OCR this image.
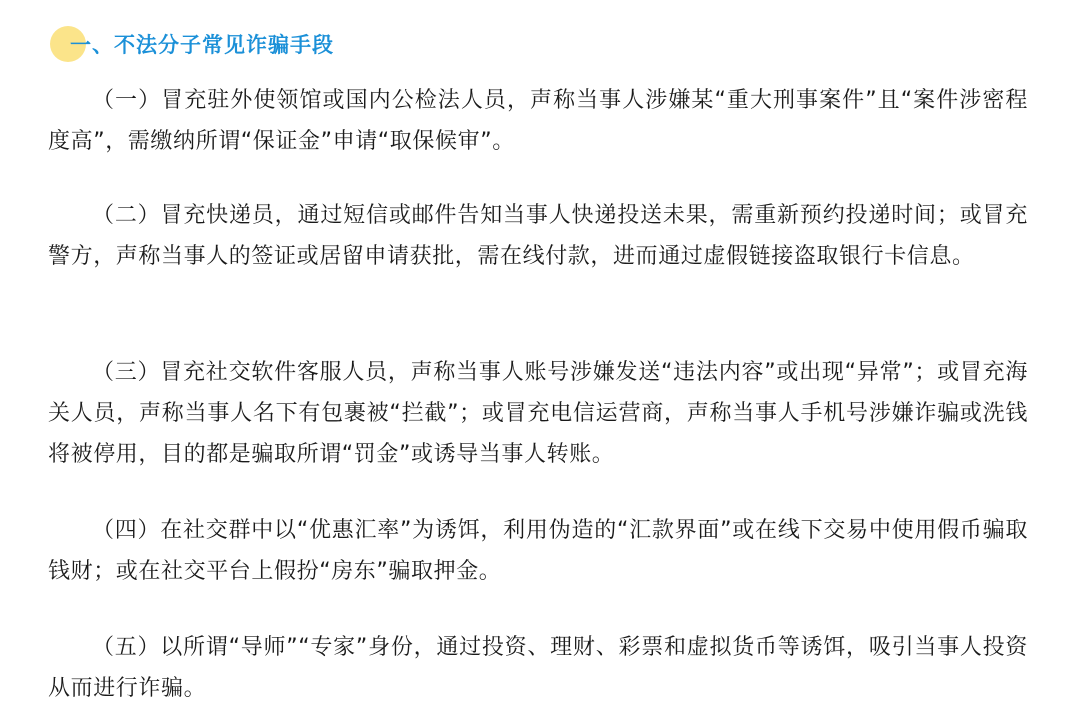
一、不法分子常见诈骗手段

（一）冒充驻外使领馆或国内公检法人员，声称当事人涉嫌某“重大刑事案件”且“案件涉密程度高”，需缴纳所谓“保证金”申请“取保候审”。

（二）冒充快递员，通过短信或邮件告知当事人快递投送未果，需重新预约投递时间；或冒充警方，声称当事人的签证或居留申请获批，需在线付款，进而通过虚假链接盗取银行卡信息。

（三）冒充社交软件客服人员，声称当事人账号涉嫌发送“违法内容”或出现“异常”；或冒充海关人员，声称当事人名下有包裹被“拦截”；或冒充电信运营商，声称当事人手机号涉嫌诈骗或洗钱将被停用，目的都是骗取所谓“罚金”或诱导当事人转账。

（四）在社交群中以“优惠汇率”为诱饵，利用伪造的“汇款界面”或在线下交易中使用假币骗取钱财；或在社交平台上假扮“房东”骗取押金。

（五）以所谓“导师”“专家”身份，通过投资、理财、彩票和虚拟货币等诱饵，吸引当事人投资从而进行诈骗。
